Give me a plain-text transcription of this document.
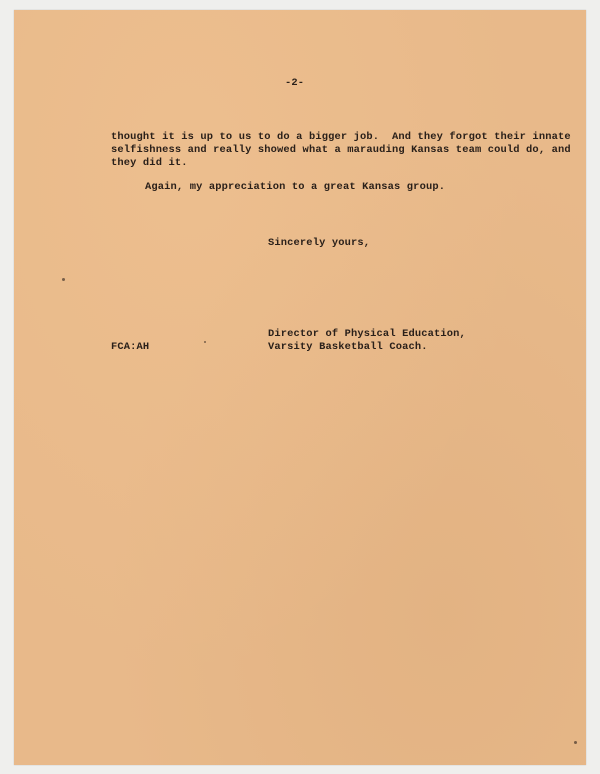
-2-
thought it is up to us to do a bigger job.  And they forgot their innate
selfishness and really showed what a marauding Kansas team could do, and
they did it.
Again, my appreciation to a great Kansas group.
Sincerely yours,
Director of Physical Education,
Varsity Basketball Coach.
FCA:AH
